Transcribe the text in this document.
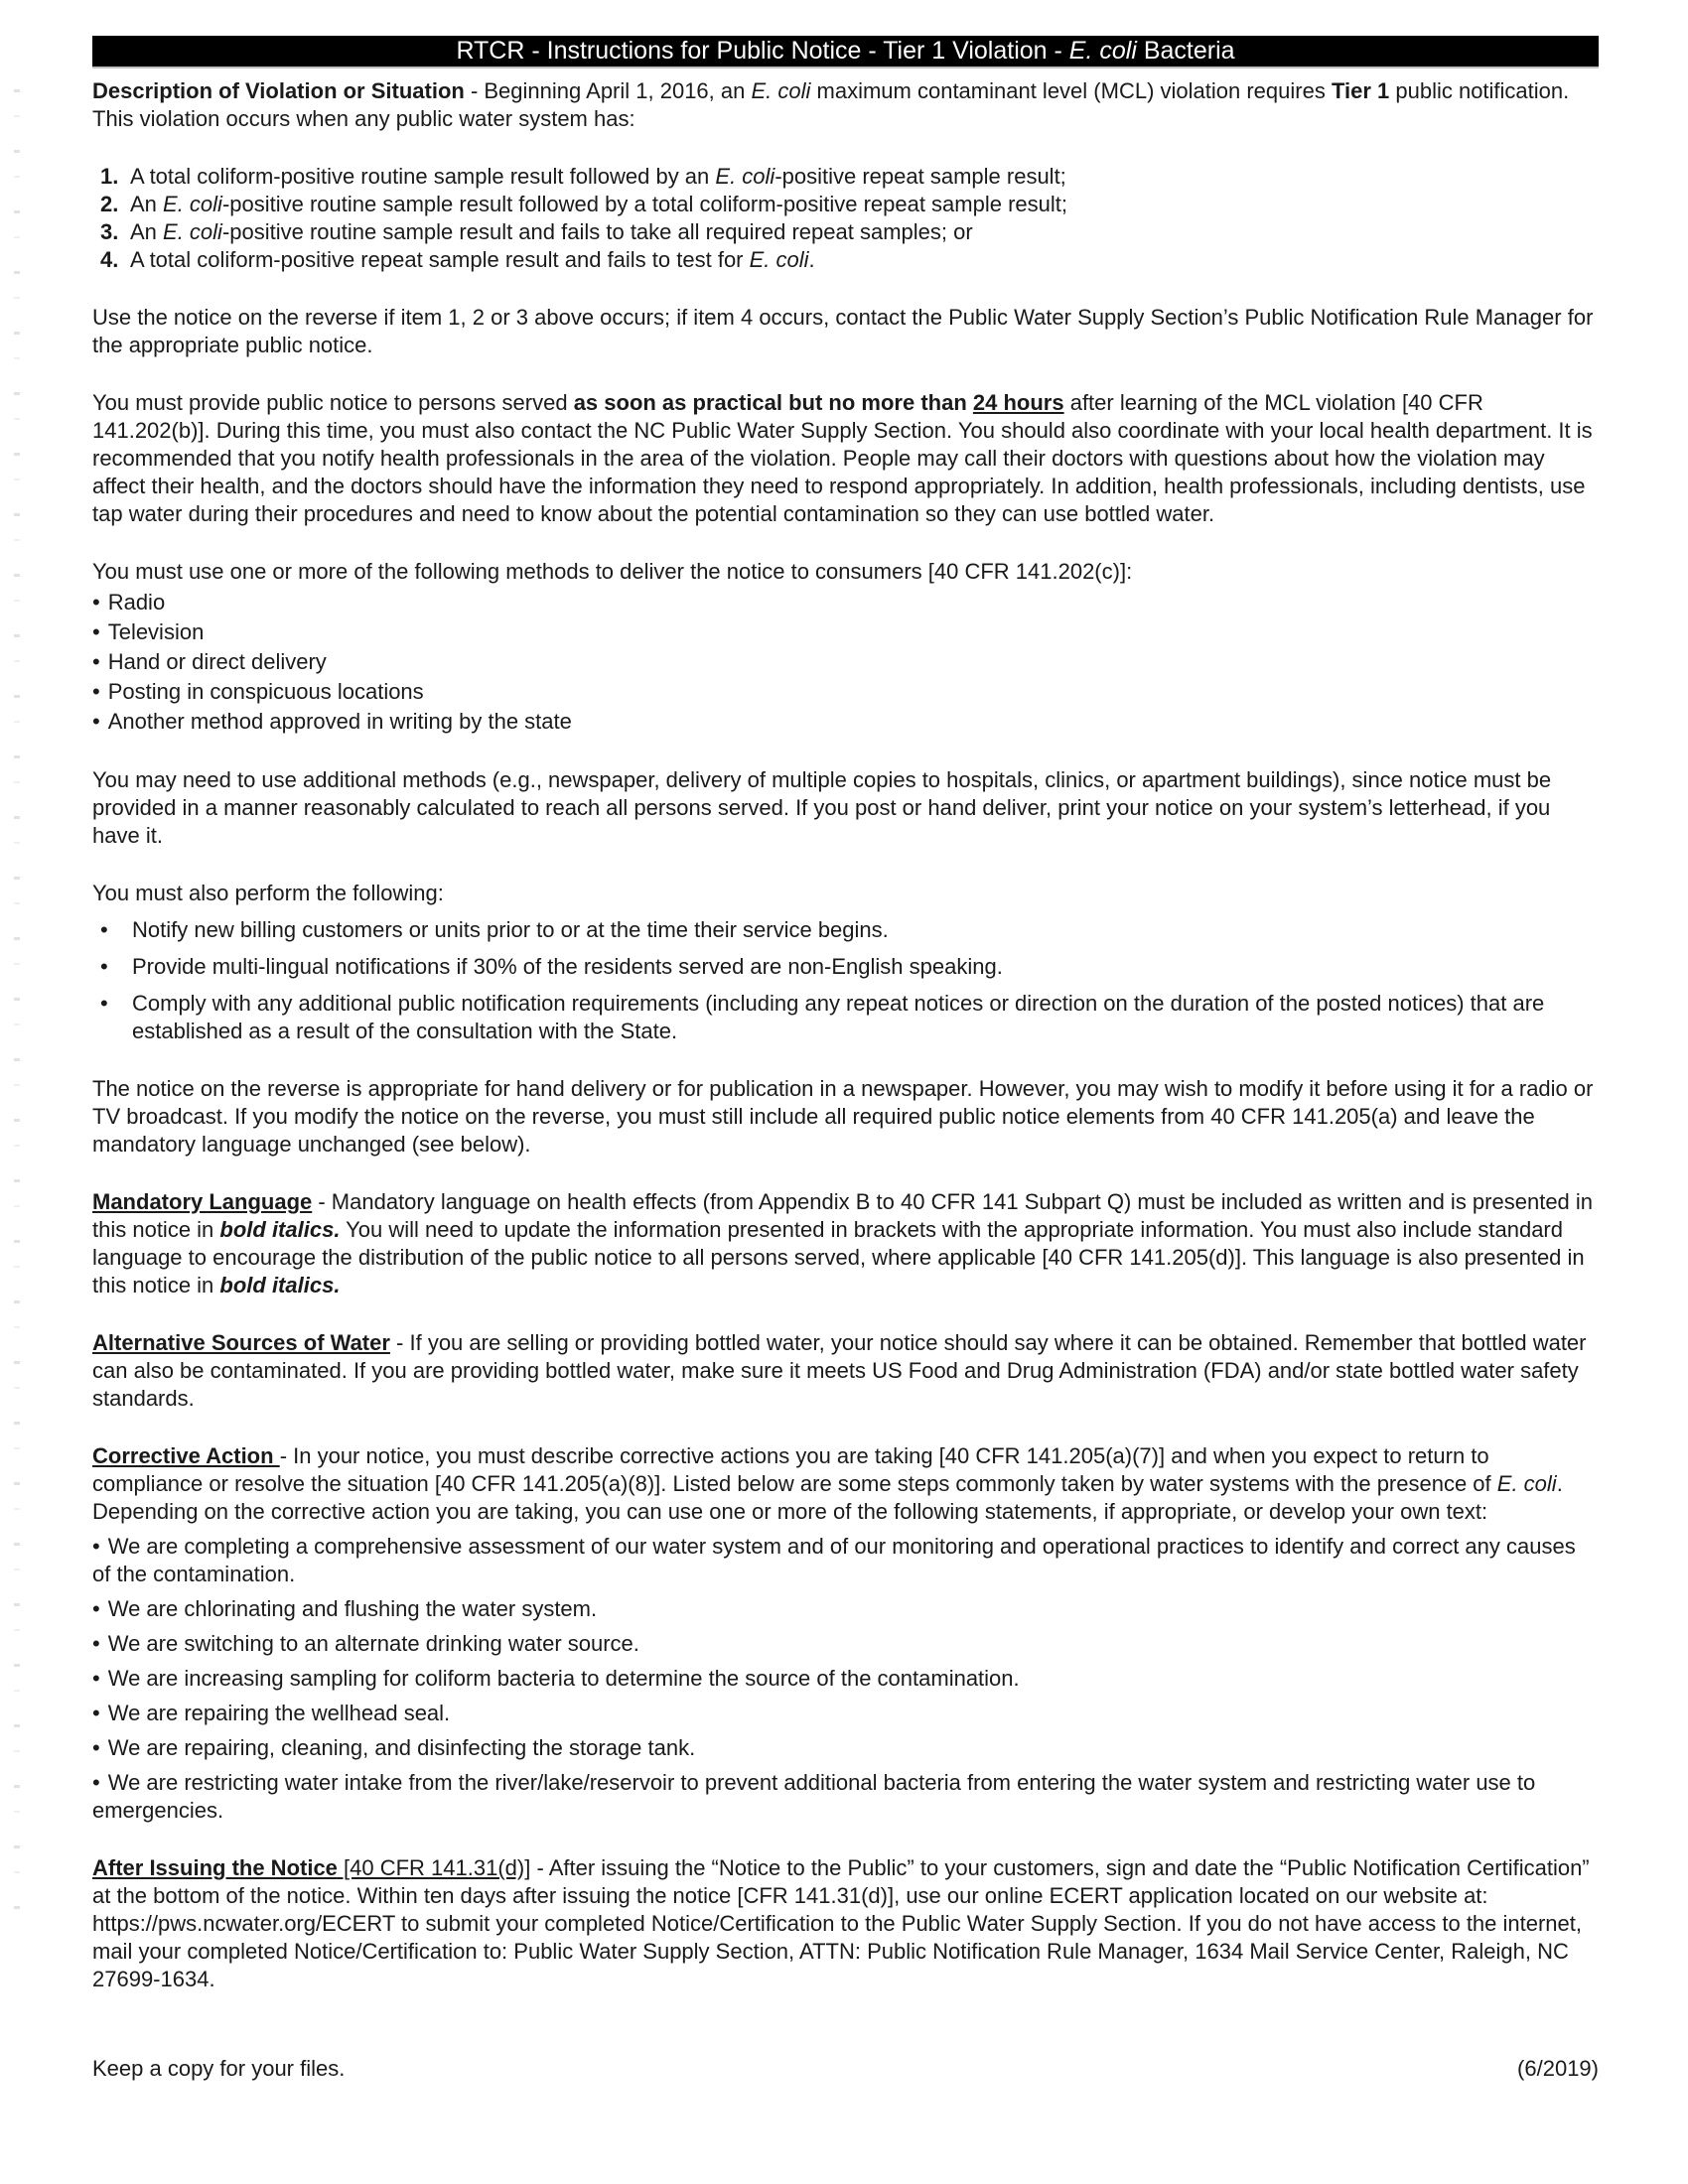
RTCR - Instructions for Public Notice - Tier 1 Violation - E. coli Bacteria

Description of Violation or Situation - Beginning April 1, 2016, an E. coli maximum contaminant level (MCL) violation requires Tier 1 public notification. This violation occurs when any public water system has:

1. A total coliform-positive routine sample result followed by an E. coli-positive repeat sample result;
2. An E. coli-positive routine sample result followed by a total coliform-positive repeat sample result;
3. An E. coli-positive routine sample result and fails to take all required repeat samples; or
4. A total coliform-positive repeat sample result and fails to test for E. coli.

Use the notice on the reverse if item 1, 2 or 3 above occurs; if item 4 occurs, contact the Public Water Supply Section’s Public Notification Rule Manager for the appropriate public notice.

You must provide public notice to persons served as soon as practical but no more than 24 hours after learning of the MCL violation [40 CFR 141.202(b)]. During this time, you must also contact the NC Public Water Supply Section. You should also coordinate with your local health department. It is recommended that you notify health professionals in the area of the violation. People may call their doctors with questions about how the violation may affect their health, and the doctors should have the information they need to respond appropriately. In addition, health professionals, including dentists, use tap water during their procedures and need to know about the potential contamination so they can use bottled water.

You must use one or more of the following methods to deliver the notice to consumers [40 CFR 141.202(c)]:

• Radio
• Television
• Hand or direct delivery
• Posting in conspicuous locations
• Another method approved in writing by the state

You may need to use additional methods (e.g., newspaper, delivery of multiple copies to hospitals, clinics, or apartment buildings), since notice must be provided in a manner reasonably calculated to reach all persons served. If you post or hand deliver, print your notice on your system’s letterhead, if you have it.

You must also perform the following:

• Notify new billing customers or units prior to or at the time their service begins.
• Provide multi-lingual notifications if 30% of the residents served are non-English speaking.
• Comply with any additional public notification requirements (including any repeat notices or direction on the duration of the posted notices) that are established as a result of the consultation with the State.

The notice on the reverse is appropriate for hand delivery or for publication in a newspaper. However, you may wish to modify it before using it for a radio or TV broadcast. If you modify the notice on the reverse, you must still include all required public notice elements from 40 CFR 141.205(a) and leave the mandatory language unchanged (see below).

Mandatory Language - Mandatory language on health effects (from Appendix B to 40 CFR 141 Subpart Q) must be included as written and is presented in this notice in bold italics. You will need to update the information presented in brackets with the appropriate information. You must also include standard language to encourage the distribution of the public notice to all persons served, where applicable [40 CFR 141.205(d)]. This language is also presented in this notice in bold italics.

Alternative Sources of Water - If you are selling or providing bottled water, your notice should say where it can be obtained. Remember that bottled water can also be contaminated. If you are providing bottled water, make sure it meets US Food and Drug Administration (FDA) and/or state bottled water safety standards.

Corrective Action - In your notice, you must describe corrective actions you are taking [40 CFR 141.205(a)(7)] and when you expect to return to compliance or resolve the situation [40 CFR 141.205(a)(8)]. Listed below are some steps commonly taken by water systems with the presence of E. coli. Depending on the corrective action you are taking, you can use one or more of the following statements, if appropriate, or develop your own text:

• We are completing a comprehensive assessment of our water system and of our monitoring and operational practices to identify and correct any causes of the contamination.
• We are chlorinating and flushing the water system.
• We are switching to an alternate drinking water source.
• We are increasing sampling for coliform bacteria to determine the source of the contamination.
• We are repairing the wellhead seal.
• We are repairing, cleaning, and disinfecting the storage tank.
• We are restricting water intake from the river/lake/reservoir to prevent additional bacteria from entering the water system and restricting water use to emergencies.

After Issuing the Notice [40 CFR 141.31(d)] - After issuing the “Notice to the Public” to your customers, sign and date the “Public Notification Certification” at the bottom of the notice. Within ten days after issuing the notice [CFR 141.31(d)], use our online ECERT application located on our website at: https://pws.ncwater.org/ECERT to submit your completed Notice/Certification to the Public Water Supply Section. If you do not have access to the internet, mail your completed Notice/Certification to: Public Water Supply Section, ATTN: Public Notification Rule Manager, 1634 Mail Service Center, Raleigh, NC 27699-1634.

Keep a copy for your files.	(6/2019)
